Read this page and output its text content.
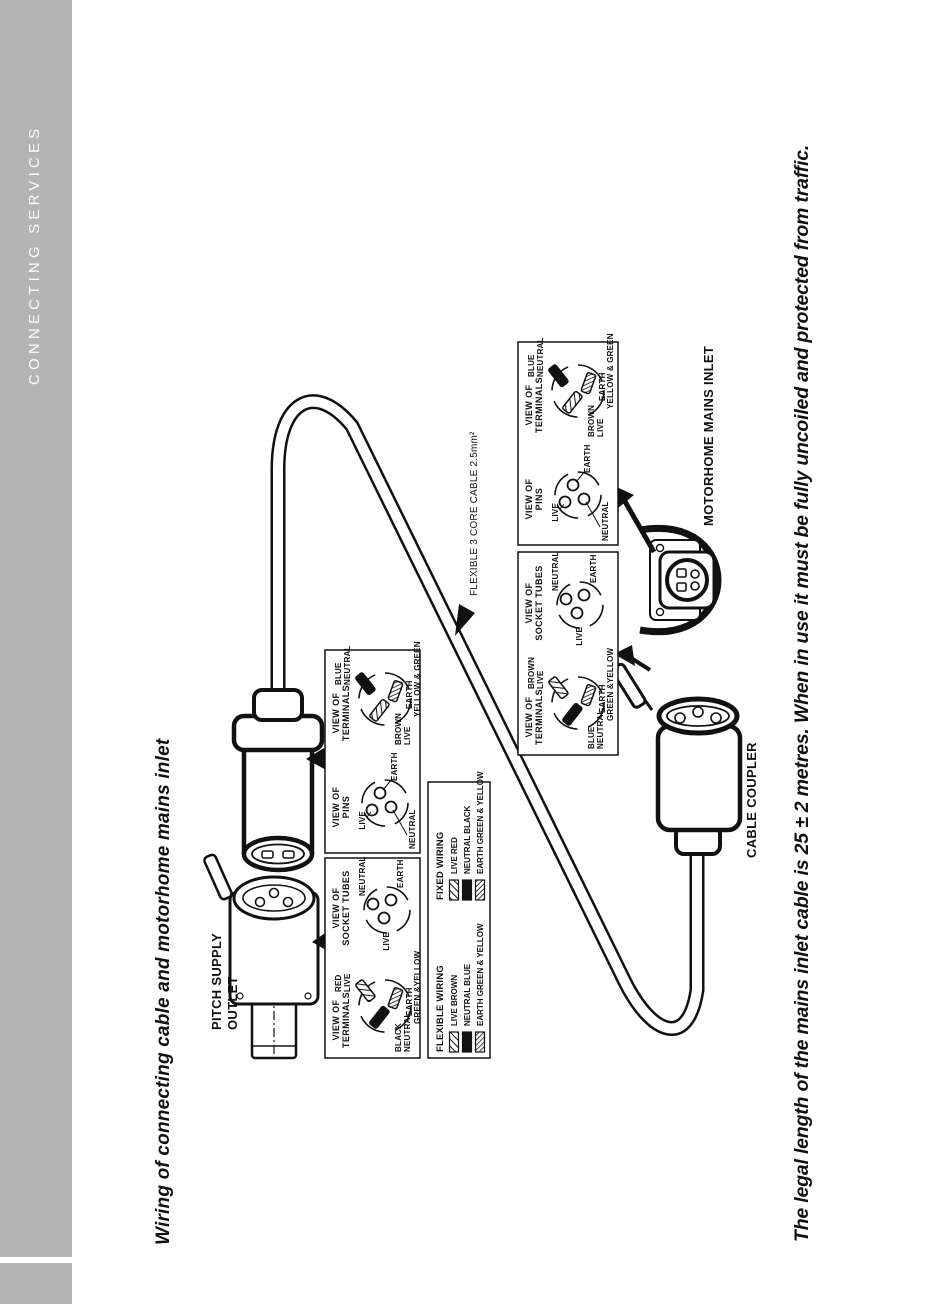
CONNECTING SERVICES
Wiring of connecting cable and motorhome mains inlet	The legal length of the mains inlet cable is 25 ± 2 metres. When in use it must be fully uncoiled and protected from traffic.
PITCH SUPPLY OUTLET
CABLE COUPLER
MOTORHOME MAINS INLET
FLEXIBLE 3 CORE CABLE 2.5mm²
VIEW OF TERMINALS
RED LIVE
BLACK NEUTRAL
EARTH GREEN &YELLOW
VIEW OF SOCKET TUBES	LIVE
NEUTRAL	EARTH
VIEW OF PINS
LIVE	NEUTRAL
EARTH
VIEW OF TERMINALS
BLUE NEUTRAL
BROWN LIVE
EARTH YELLOW & GREEN
FLEXIBLE WIRING LIVE BROWN NEUTRAL BLUE EARTH GREEN & YELLOW
FIXED WIRING LIVE RED NEUTRAL BLACK EARTH GREEN & YELLOW
VIEW OF TERMINALS
BROWN LIVE
BLUE NEUTRAL
EARTH GREEN &YELLOW
VIEW OF SOCKET TUBES	LIVE
NEUTRAL	EARTH
VIEW OF PINS
LIVE	NEUTRAL
EARTH
VIEW OF TERMINALS
BLUE NEUTRAL
BROWN LIVE
EARTH YELLOW & GREEN
